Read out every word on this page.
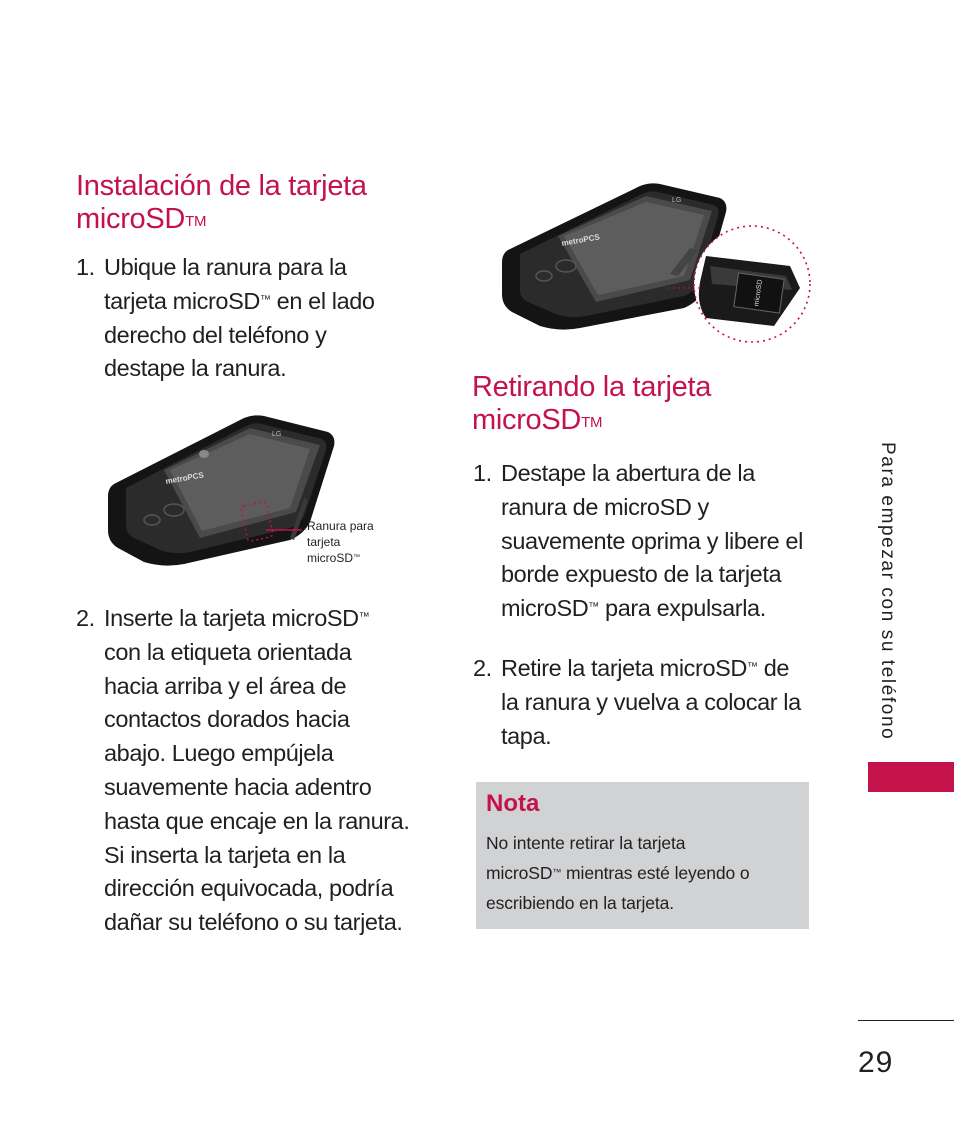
Instalación de la tarjeta
microSD™
1. Ubique la ranura para la
tarjeta microSD™ en el lado
derecho del teléfono y
destape la ranura.
LG
metroPCS
Ranura para
tarjeta
microSD™
2. Inserte la tarjeta microSD™
con la etiqueta orientada
hacia arriba y el área de
contactos dorados hacia
abajo. Luego empújela
suavemente hacia adentro
hasta que encaje en la ranura.
Si inserta la tarjeta en la
dirección equivocada, podría
dañar su teléfono o su tarjeta.
LG
metroPCS
microSD
Retirando la tarjeta
microSD™
1. Destape la abertura de la
ranura de microSD y
suavemente oprima y libere el
borde expuesto de la tarjeta
microSD™ para expulsarla.
2. Retire la tarjeta microSD™ de
la ranura y vuelva a colocar la
tapa.
Nota
No intente retirar la tarjeta
microSD™ mientras esté leyendo o
escribiendo en la tarjeta.
Para empezar con su teléfono
29
